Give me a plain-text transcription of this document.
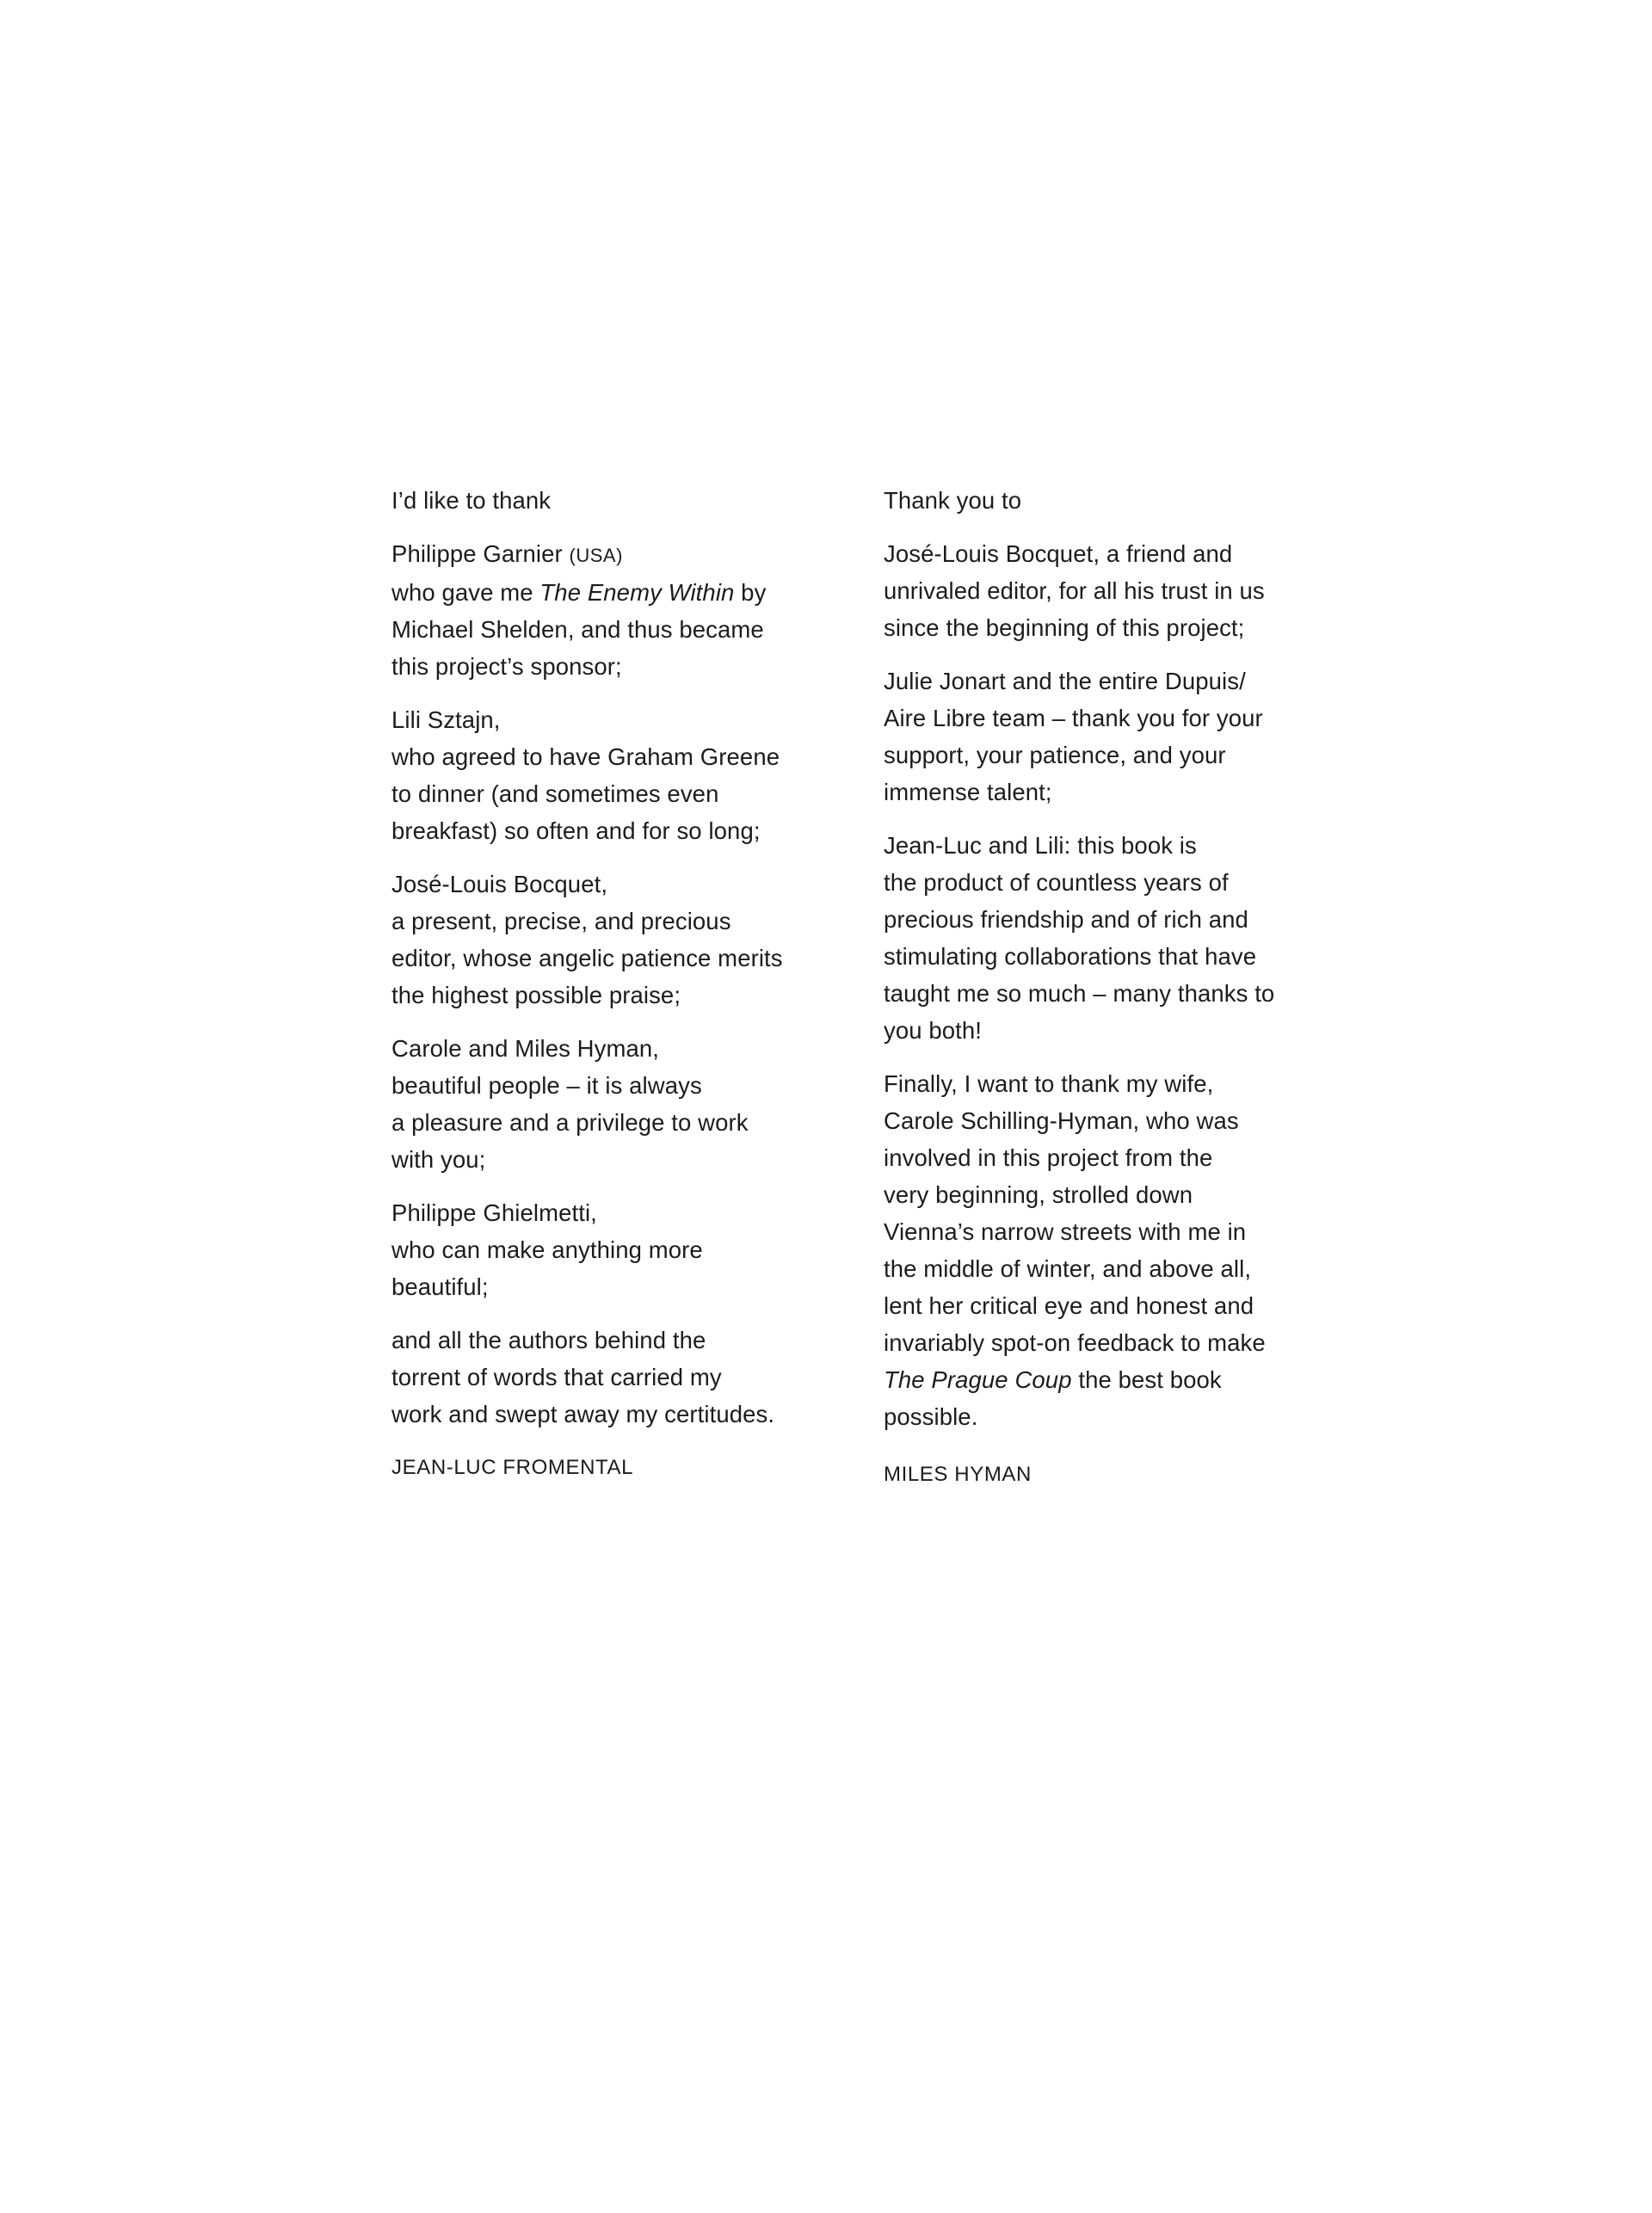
I’d like to thank

Philippe Garnier (USA)
who gave me The Enemy Within by
Michael Shelden, and thus became
this project’s sponsor;

Lili Sztajn,
who agreed to have Graham Greene
to dinner (and sometimes even
breakfast) so often and for so long;

José-Louis Bocquet,
a present, precise, and precious
editor, whose angelic patience merits
the highest possible praise;

Carole and Miles Hyman,
beautiful people – it is always
a pleasure and a privilege to work
with you;

Philippe Ghielmetti,
who can make anything more
beautiful;

and all the authors behind the
torrent of words that carried my
work and swept away my certitudes.

JEAN-LUC FROMENTAL

Thank you to

José-Louis Bocquet, a friend and
unrivaled editor, for all his trust in us
since the beginning of this project;

Julie Jonart and the entire Dupuis/
Aire Libre team – thank you for your
support, your patience, and your
immense talent;

Jean-Luc and Lili: this book is
the product of countless years of
precious friendship and of rich and
stimulating collaborations that have
taught me so much – many thanks to
you both!

Finally, I want to thank my wife,
Carole Schilling-Hyman, who was
involved in this project from the
very beginning, strolled down
Vienna’s narrow streets with me in
the middle of winter, and above all,
lent her critical eye and honest and
invariably spot-on feedback to make
The Prague Coup the best book
possible.

MILES HYMAN
